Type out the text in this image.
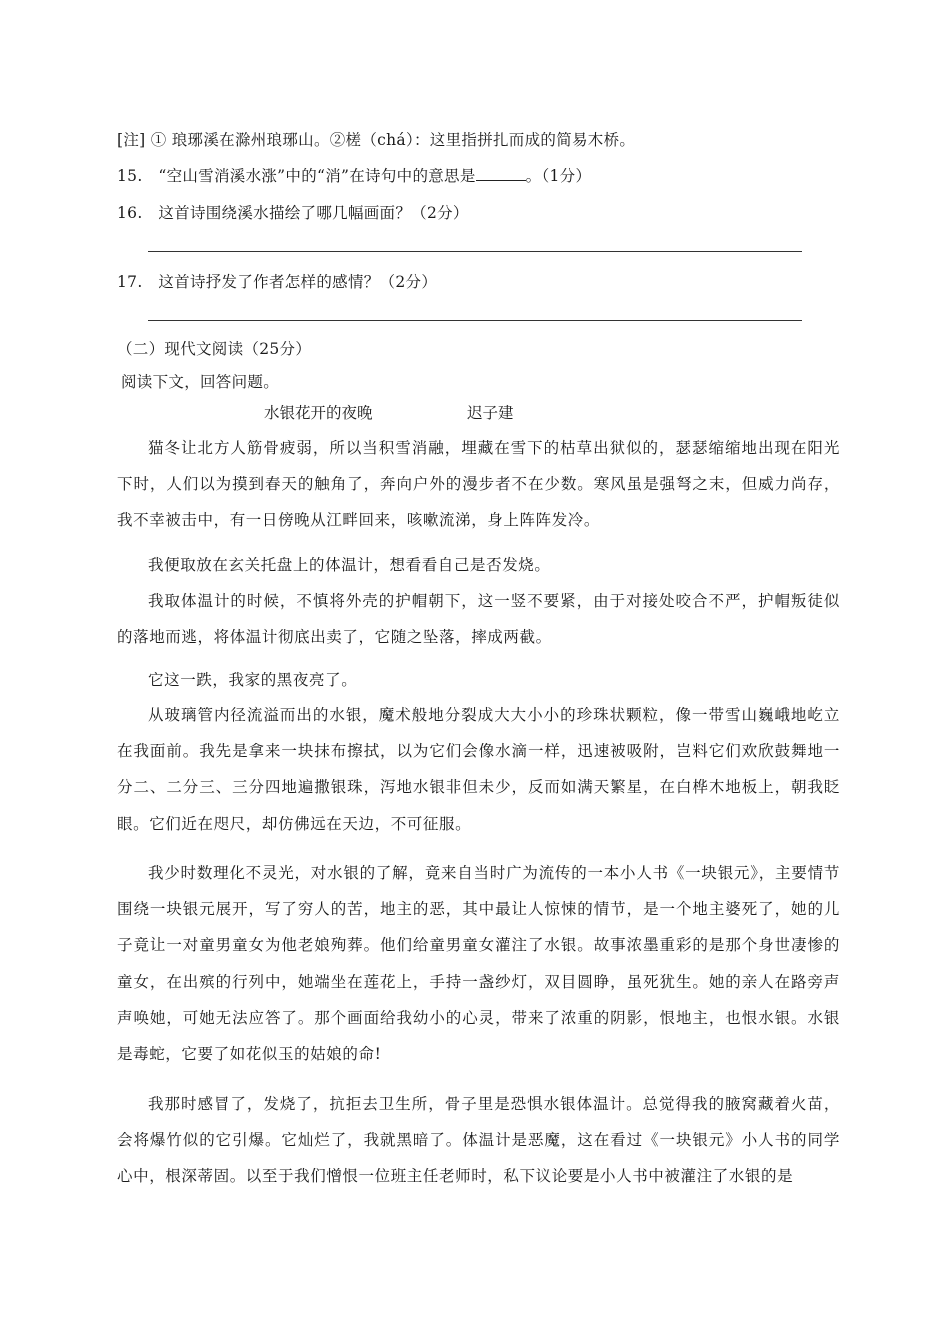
[注] ① 琅琊溪在滁州琅琊山。②槎（chá）：这里指拼扎而成的简易木桥。
15.　“空山雪消溪水涨”中的“消”在诗句中的意思是	。（1分）
16.　这首诗围绕溪水描绘了哪几幅画面？（2分）
17.　这首诗抒发了作者怎样的感情？（2分）
（二）现代文阅读（25分）
阅读下文，回答问题。
水银花开的夜晚	迟子建
猫冬让北方人筋骨疲弱，所以当积雪消融，埋藏在雪下的枯草出狱似的，瑟瑟缩缩地出现在阳光下时，人们以为摸到春天的触角了，奔向户外的漫步者不在少数。寒风虽是强弩之末，但威力尚存，我不幸被击中，有一日傍晚从江畔回来，咳嗽流涕，身上阵阵发冷。
我便取放在玄关托盘上的体温计，想看看自己是否发烧。
我取体温计的时候，不慎将外壳的护帽朝下，这一竖不要紧，由于对接处咬合不严，护帽叛徒似的落地而逃，将体温计彻底出卖了，它随之坠落，摔成两截。
它这一跌，我家的黑夜亮了。
从玻璃管内径流溢而出的水银，魔术般地分裂成大大小小的珍珠状颗粒，像一带雪山巍峨地屹立在我面前。我先是拿来一块抹布擦拭，以为它们会像水滴一样，迅速被吸附，岂料它们欢欣鼓舞地一分二、二分三、三分四地遍撒银珠，泻地水银非但未少，反而如满天繁星，在白桦木地板上，朝我眨眼。它们近在咫尺，却仿佛远在天边，不可征服。
我少时数理化不灵光，对水银的了解，竟来自当时广为流传的一本小人书《一块银元》，主要情节围绕一块银元展开，写了穷人的苦，地主的恶，其中最让人惊悚的情节，是一个地主婆死了，她的儿子竟让一对童男童女为他老娘殉葬。他们给童男童女灌注了水银。故事浓墨重彩的是那个身世凄惨的童女，在出殡的行列中，她端坐在莲花上，手持一盏纱灯，双目圆睁，虽死犹生。她的亲人在路旁声声唤她，可她无法应答了。那个画面给我幼小的心灵，带来了浓重的阴影，恨地主，也恨水银。水银是毒蛇，它要了如花似玉的姑娘的命!
我那时感冒了，发烧了，抗拒去卫生所，骨子里是恐惧水银体温计。总觉得我的腋窝藏着火苗，会将爆竹似的它引爆。它灿烂了，我就黑暗了。体温计是恶魔，这在看过《一块银元》小人书的同学心中，根深蒂固。以至于我们憎恨一位班主任老师时，私下议论要是小人书中被灌注了水银的是
